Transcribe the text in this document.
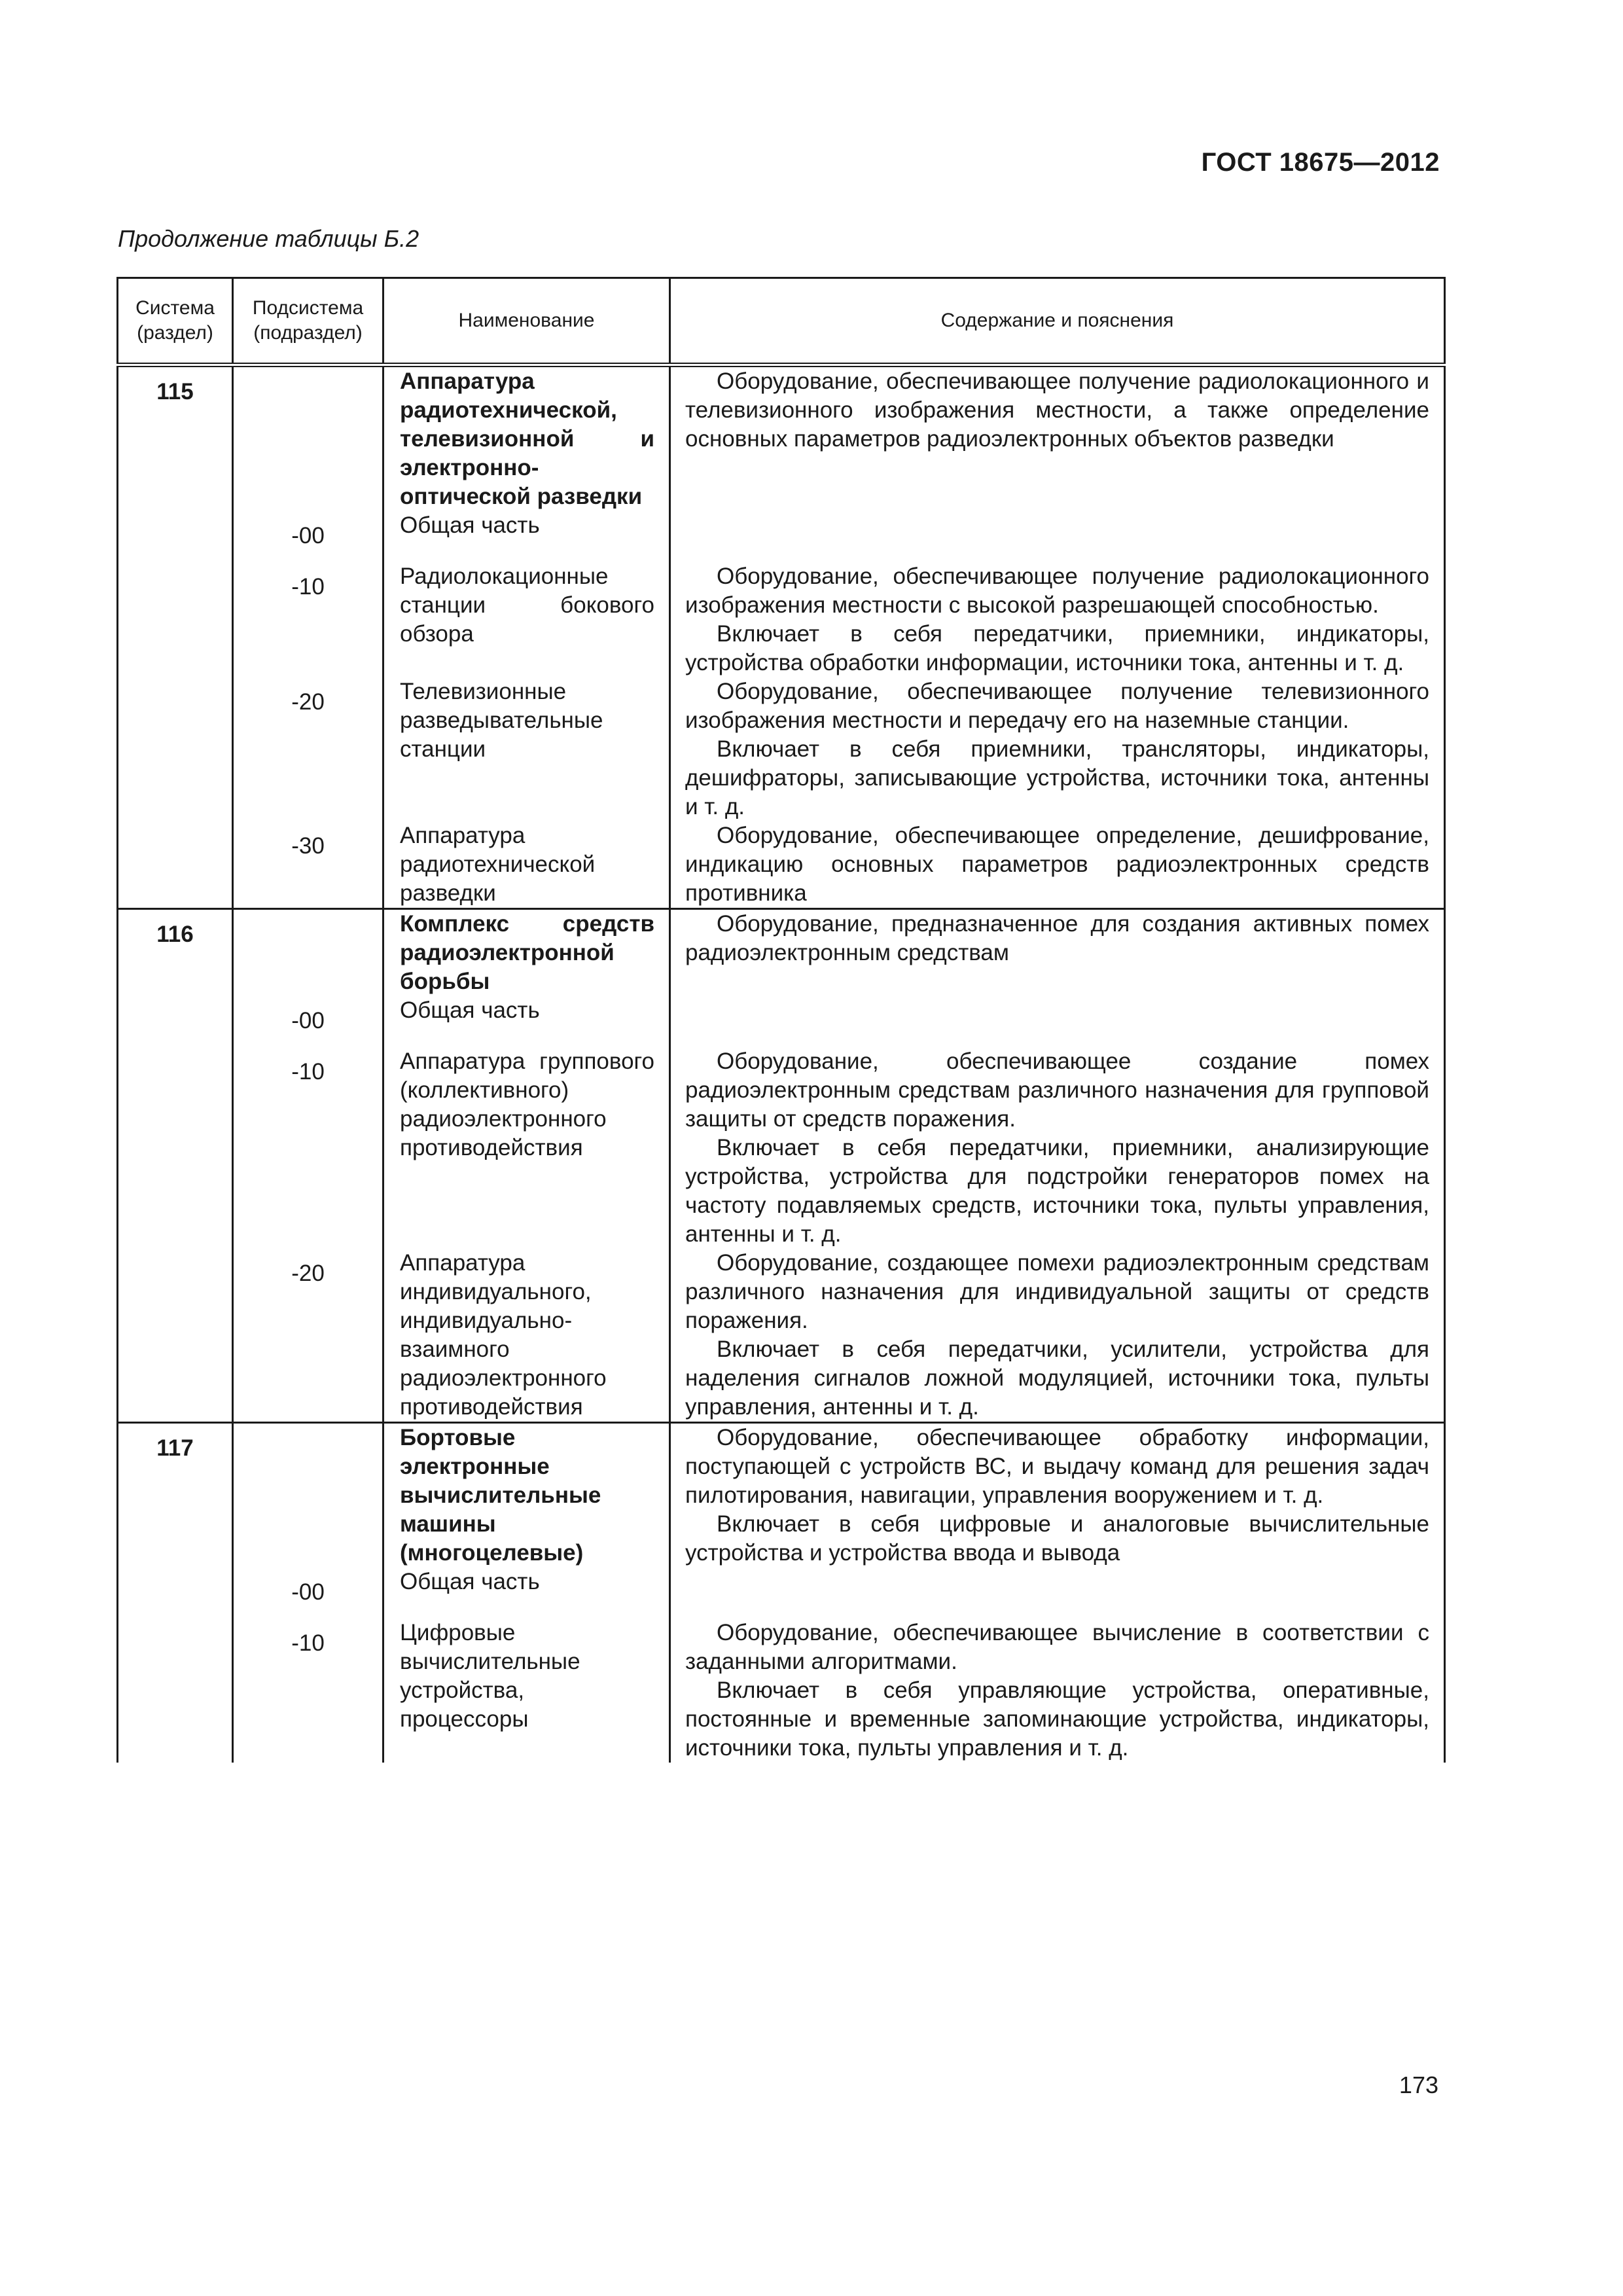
ГОСТ 18675—2012
Продолжение таблицы Б.2
Система (раздел)	Подсистема (подраздел)	Наименование	Содержание и пояснения
115		Аппаратура радиотехнической, телевизионной и электронно-оптической разведки	Оборудование, обеспечивающее получение радиолокационного и телевизионного изображения местности, а также определение основных параметров радиоэлектронных объектов разведки

	-00	Общая часть	
	-10	Радиолокационные станции бокового обзора	Оборудование, обеспечивающее получение радиолокационного изображения местности с высокой разрешающей способностью.
Включает в себя передатчики, приемники, индикаторы, устройства обработки информации, источники тока, антенны и т. д.

	-20	Телевизионные разведывательные станции	Оборудование, обеспечивающее получение телевизионного изображения местности и передачу его на наземные станции.
Включает в себя приемники, трансляторы, индикаторы, дешифраторы, записывающие устройства, источники тока, антенны и т. д.

	-30	Аппаратура радиотехнической разведки	Оборудование, обеспечивающее определение, дешифрование, индикацию основных параметров радиоэлектронных средств противника

116		Комплекс средств радиоэлектронной борьбы	Оборудование, предназначенное для создания активных помех радиоэлектронным средствам

	-00	Общая часть	
	-10	Аппаратура группового (коллективного) радиоэлектронного противодействия	Оборудование, обеспечивающее создание помех радиоэлектронным средствам различного назначения для групповой защиты от средств поражения.
Включает в себя передатчики, приемники, анализирующие устройства, устройства для подстройки генераторов помех на частоту подавляемых средств, источники тока, пульты управления, антенны и т. д.

	-20	Аппаратура индивидуального, индивидуально-взаимного радиоэлектронного противодействия	Оборудование, создающее помехи радиоэлектронным средствам различного назначения для индивидуальной защиты от средств поражения.
Включает в себя передатчики, усилители, устройства для наделения сигналов ложной модуляцией, источники тока, пульты управления, антенны и т. д.

117		Бортовые электронные вычислительные машины (многоцелевые)	Оборудование, обеспечивающее обработку информации, поступающей с устройств ВС, и выдачу команд для решения задач пилотирования, навигации, управления вооружением и т. д.
Включает в себя цифровые и аналоговые вычислительные устройства и устройства ввода и вывода

	-00	Общая часть	
	-10	Цифровые вычислительные устройства, процессоры	Оборудование, обеспечивающее вычисление в соответствии с заданными алгоритмами.
Включает в себя управляющие устройства, оперативные, постоянные и временные запоминающие устройства, индикаторы, источники тока, пульты управления и т. д.
173
